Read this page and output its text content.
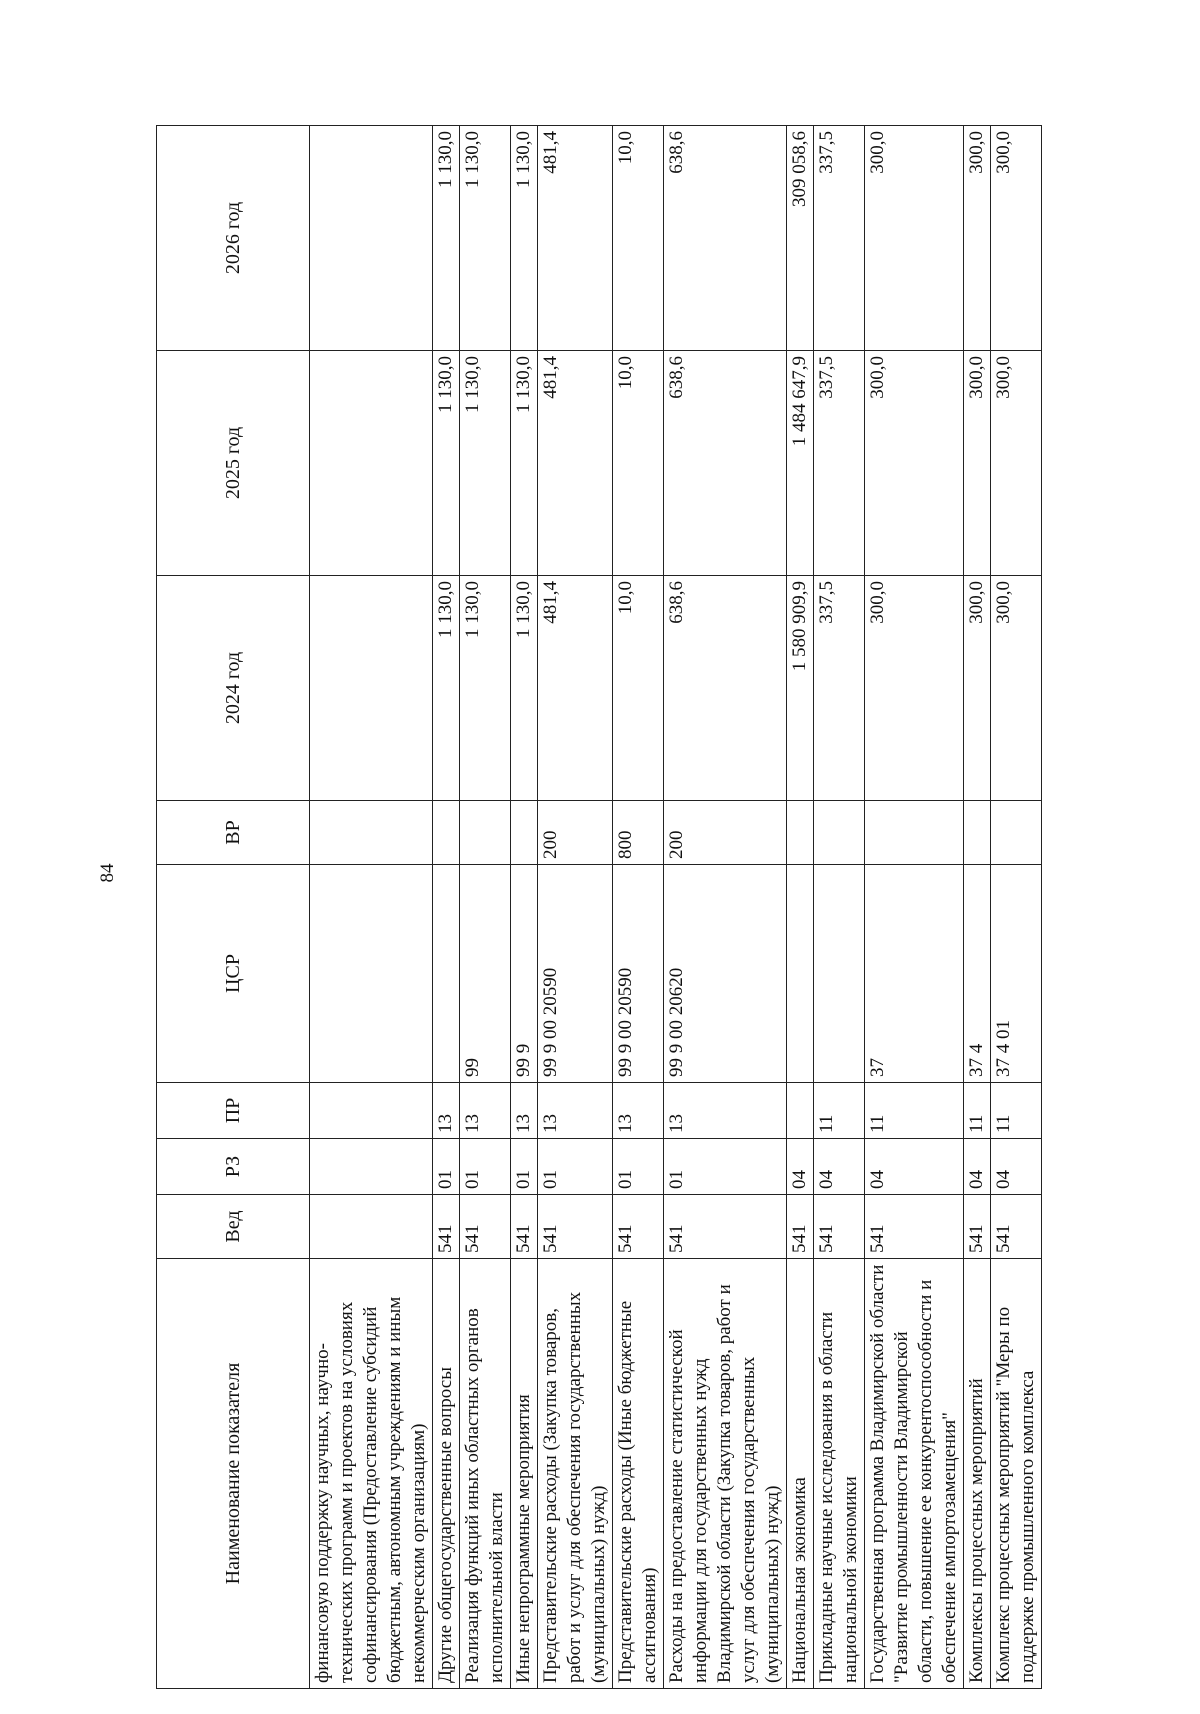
84
Наименование показателя	Вед	РЗ	ПР	ЦСР	ВР	2024 год	2025 год	2026 год
финансовую поддержку научных, научно-технических программ и проектов на условиях софинансирования (Предоставление субсидий бюджетным, автономным учреждениям и иным некоммерческим организациям)								
Другие общегосударственные вопросы	541	01	13			1 130,0	1 130,0	1 130,0
Реализация функций иных областных органов исполнительной власти	541	01	13	99		1 130,0	1 130,0	1 130,0
Иные непрограммные мероприятия	541	01	13	99 9		1 130,0	1 130,0	1 130,0
Представительские расходы (Закупка товаров, работ и услуг для обеспечения государственных (муниципальных) нужд)	541	01	13	99 9 00 20590	200	481,4	481,4	481,4
Представительские расходы (Иные бюджетные ассигнования)	541	01	13	99 9 00 20590	800	10,0	10,0	10,0
Расходы на предоставление статистической информации для государственных нужд Владимирской области (Закупка товаров, работ и услуг для обеспечения государственных (муниципальных) нужд)	541	01	13	99 9 00 20620	200	638,6	638,6	638,6
Национальная экономика	541	04				1 580 909,9	1 484 647,9	309 058,6
Прикладные научные исследования в области национальной экономики	541	04	11			337,5	337,5	337,5
Государственная программа Владимирской области "Развитие промышленности Владимирской области, повышение ее конкурентоспособности и обеспечение импортозамещения"	541	04	11	37		300,0	300,0	300,0
Комплексы процессных мероприятий	541	04	11	37 4		300,0	300,0	300,0
Комплекс процессных мероприятий "Меры по поддержке промышленного комплекса	541	04	11	37 4 01		300,0	300,0	300,0
